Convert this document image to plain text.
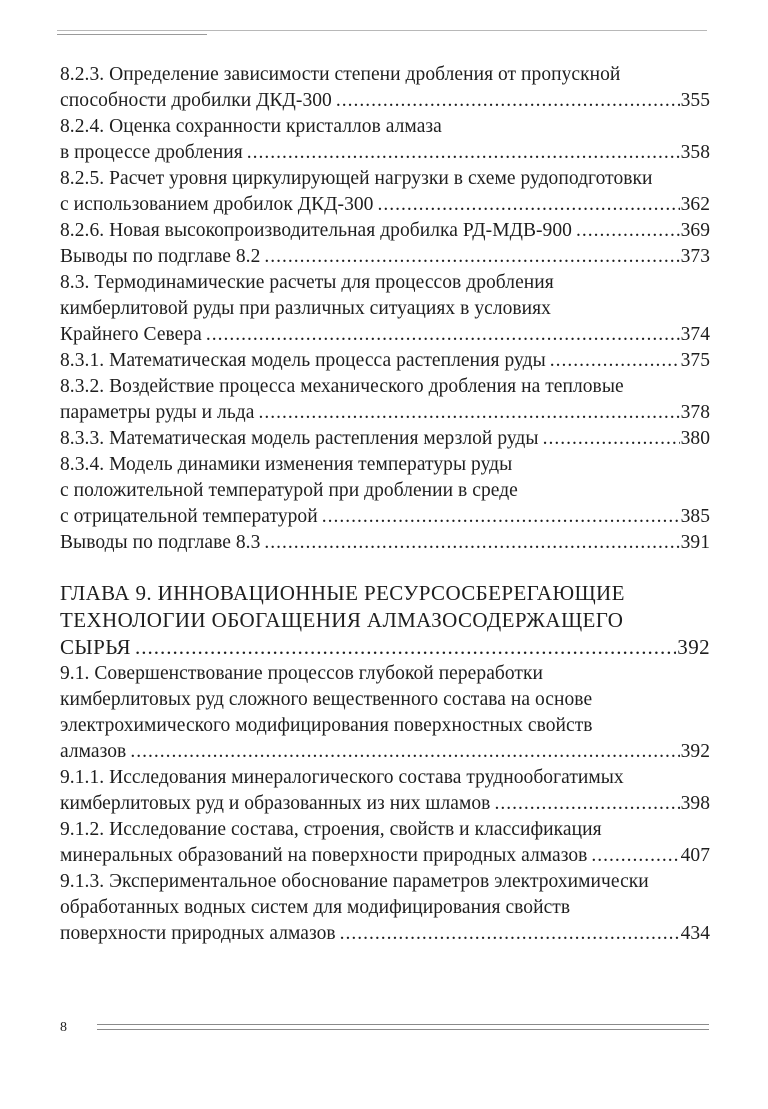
8.2.3. Определение зависимости степени дробления от пропускной
способности дробилки ДКД-300 .....	355
8.2.4. Оценка сохранности кристаллов алмаза
в процессе дробления .....	358
8.2.5. Расчет уровня циркулирующей нагрузки в схеме рудоподготовки
с использованием дробилок ДКД-300 .....	362
8.2.6. Новая высокопроизводительная дробилка РД-МДВ-900 .....	369
Выводы по подглаве 8.2 .....	373
8.3. Термодинамические расчеты для процессов дробления
кимберлитовой руды при различных ситуациях в условиях
Крайнего Севера .....	374
8.3.1. Математическая модель процесса растепления руды .....	375
8.3.2. Воздействие процесса механического дробления на тепловые
параметры руды и льда .....	378
8.3.3. Математическая модель растепления мерзлой руды .....	380
8.3.4. Модель динамики изменения температуры руды
с положительной температурой при дроблении в среде
с отрицательной температурой .....	385
Выводы по подглаве 8.3 .....	391
ГЛАВА 9. ИННОВАЦИОННЫЕ РЕСУРСОСБЕРЕГАЮЩИЕ
ТЕХНОЛОГИИ ОБОГАЩЕНИЯ АЛМАЗОСОДЕРЖАЩЕГО
СЫРЬЯ .....	392
9.1. Совершенствование процессов глубокой переработки
кимберлитовых руд сложного вещественного состава на основе
электрохимического модифицирования поверхностных свойств
алмазов .....	392
9.1.1. Исследования минералогического состава труднообогатимых
кимберлитовых руд и образованных из них шламов .....	398
9.1.2. Исследование состава, строения, свойств и классификация
минеральных образований на поверхности природных алмазов .....	407
9.1.3. Экспериментальное обоснование параметров электрохимически
обработанных водных систем для модифицирования свойств
поверхности природных алмазов .....	434
8
